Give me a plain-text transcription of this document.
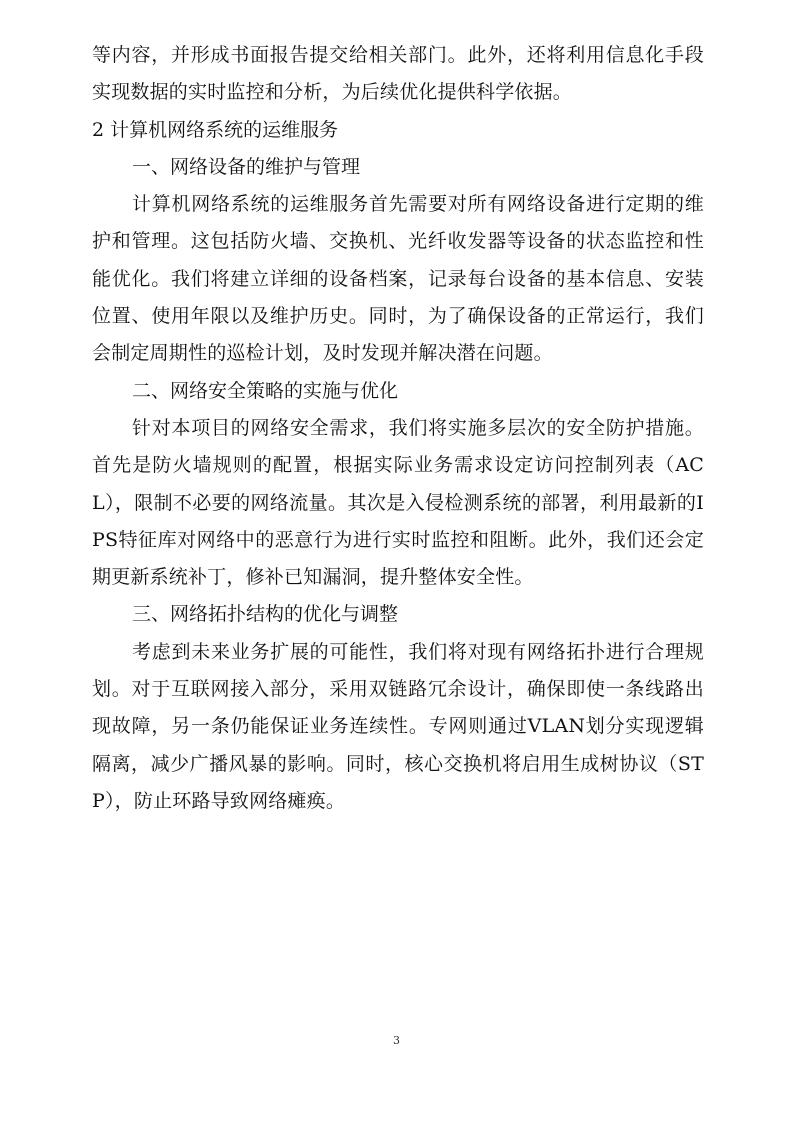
等内容，并形成书面报告提交给相关部门。此外，还将利用信息化手段实现数据的实时监控和分析，为后续优化提供科学依据。

2 计算机网络系统的运维服务

一、网络设备的维护与管理

计算机网络系统的运维服务首先需要对所有网络设备进行定期的维护和管理。这包括防火墙、交换机、光纤收发器等设备的状态监控和性能优化。我们将建立详细的设备档案，记录每台设备的基本信息、安装位置、使用年限以及维护历史。同时，为了确保设备的正常运行，我们会制定周期性的巡检计划，及时发现并解决潜在问题。

二、网络安全策略的实施与优化

针对本项目的网络安全需求，我们将实施多层次的安全防护措施。首先是防火墙规则的配置，根据实际业务需求设定访问控制列表（ACL），限制不必要的网络流量。其次是入侵检测系统的部署，利用最新的IPS特征库对网络中的恶意行为进行实时监控和阻断。此外，我们还会定期更新系统补丁，修补已知漏洞，提升整体安全性。

三、网络拓扑结构的优化与调整

考虑到未来业务扩展的可能性，我们将对现有网络拓扑进行合理规划。对于互联网接入部分，采用双链路冗余设计，确保即使一条线路出现故障，另一条仍能保证业务连续性。专网则通过VLAN划分实现逻辑隔离，减少广播风暴的影响。同时，核心交换机将启用生成树协议（STP），防止环路导致网络瘫痪。

3
